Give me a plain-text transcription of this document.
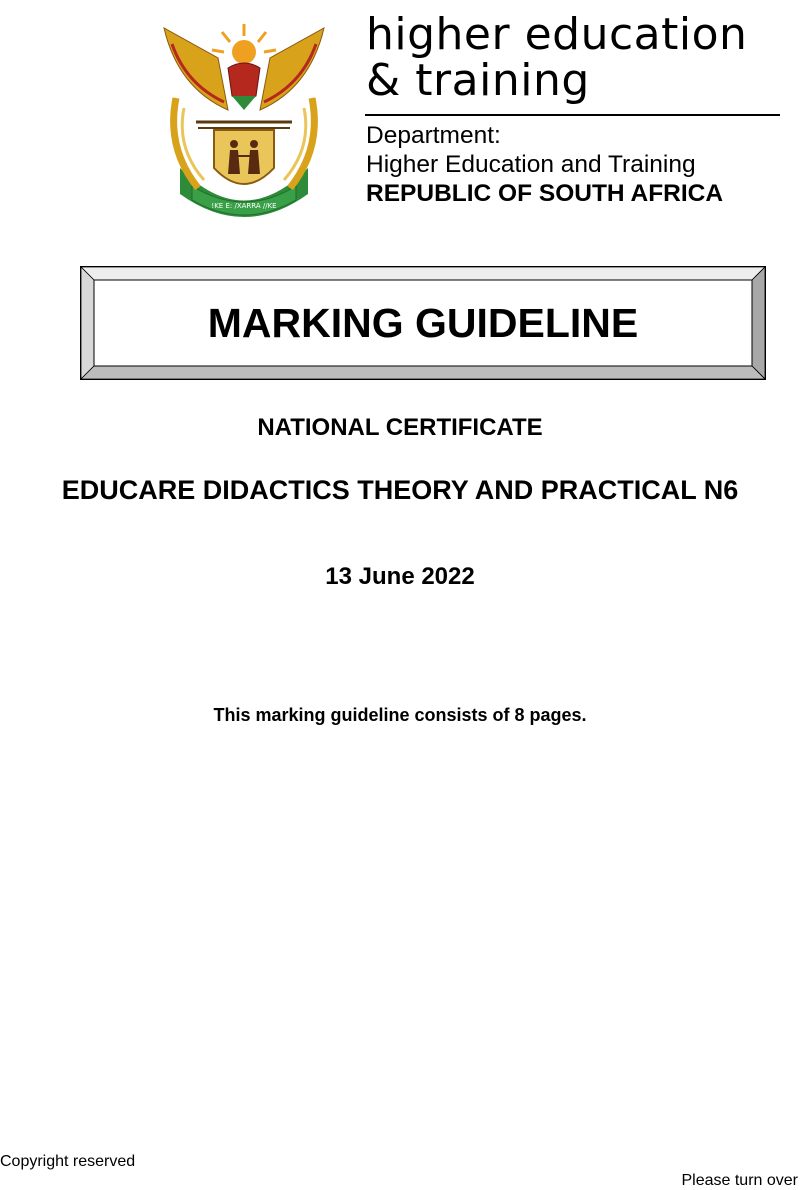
!KE E: /XARRA //KE
higher education
& training
Department:
Higher Education and Training
REPUBLIC OF SOUTH AFRICA
MARKING GUIDELINE
NATIONAL CERTIFICATE
EDUCARE DIDACTICS THEORY AND PRACTICAL N6
13 June 2022
This marking guideline consists of 8 pages.
Copyright reserved
Please turn over
